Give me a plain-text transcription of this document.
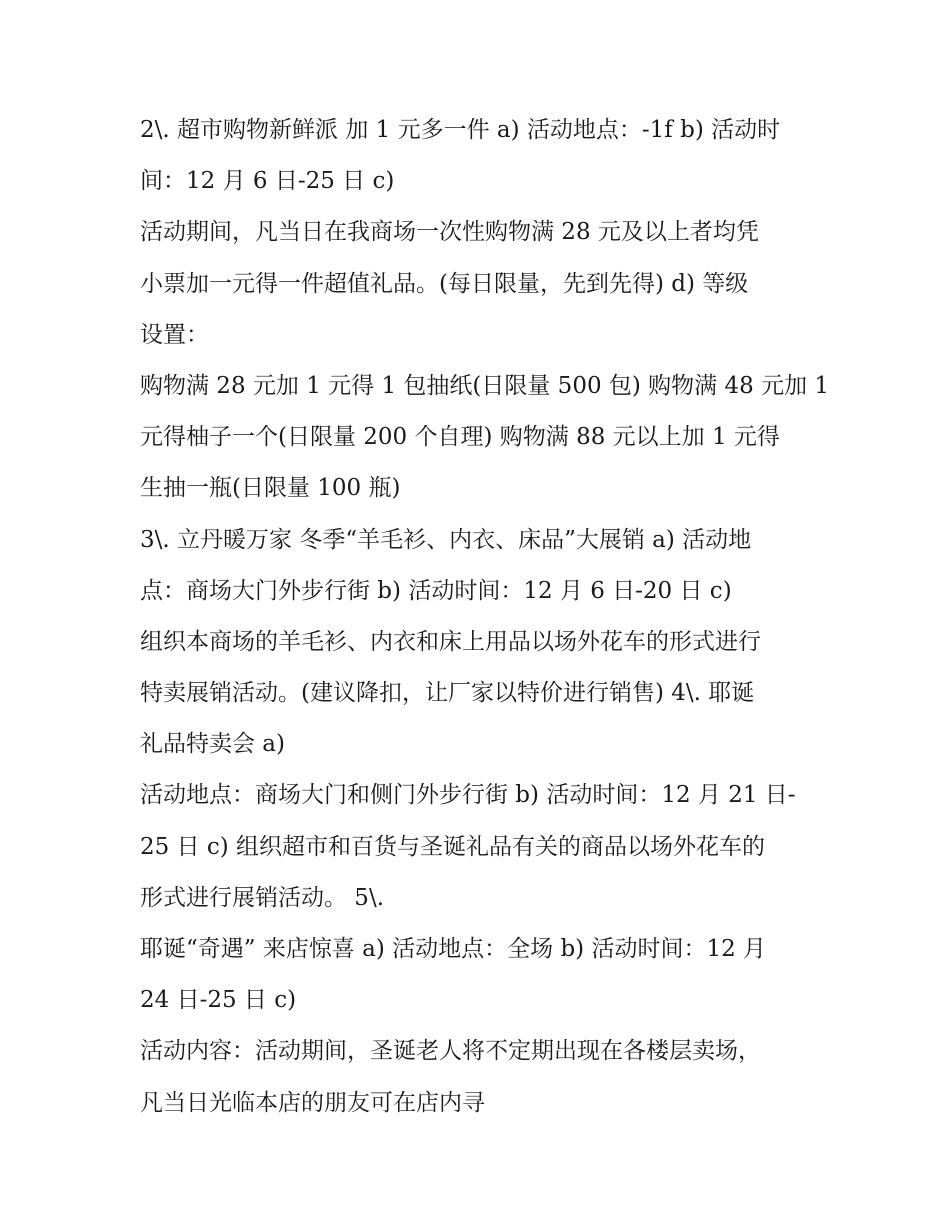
2\. 超市购物新鲜派 加 1 元多一件 a) 活动地点：-1f b) 活动时
间：12 月 6 日-25 日 c)
活动期间，凡当日在我商场一次性购物满 28 元及以上者均凭
小票加一元得一件超值礼品。(每日限量，先到先得) d) 等级
设置：
购物满 28 元加 1 元得 1 包抽纸(日限量 500 包) 购物满 48 元加 1
元得柚子一个(日限量 200 个自理) 购物满 88 元以上加 1 元得
生抽一瓶(日限量 100 瓶)
3\. 立丹暖万家 冬季“羊毛衫、内衣、床品”大展销 a) 活动地
点：商场大门外步行街 b) 活动时间：12 月 6 日-20 日 c)
组织本商场的羊毛衫、内衣和床上用品以场外花车的形式进行
特卖展销活动。(建议降扣，让厂家以特价进行销售) 4\. 耶诞
礼品特卖会 a)
活动地点：商场大门和侧门外步行街 b) 活动时间：12 月 21 日-
25 日 c) 组织超市和百货与圣诞礼品有关的商品以场外花车的
形式进行展销活动。 5\.
耶诞“奇遇” 来店惊喜 a) 活动地点：全场 b) 活动时间：12 月
24 日-25 日 c)
活动内容：活动期间，圣诞老人将不定期出现在各楼层卖场，
凡当日光临本店的朋友可在店内寻
